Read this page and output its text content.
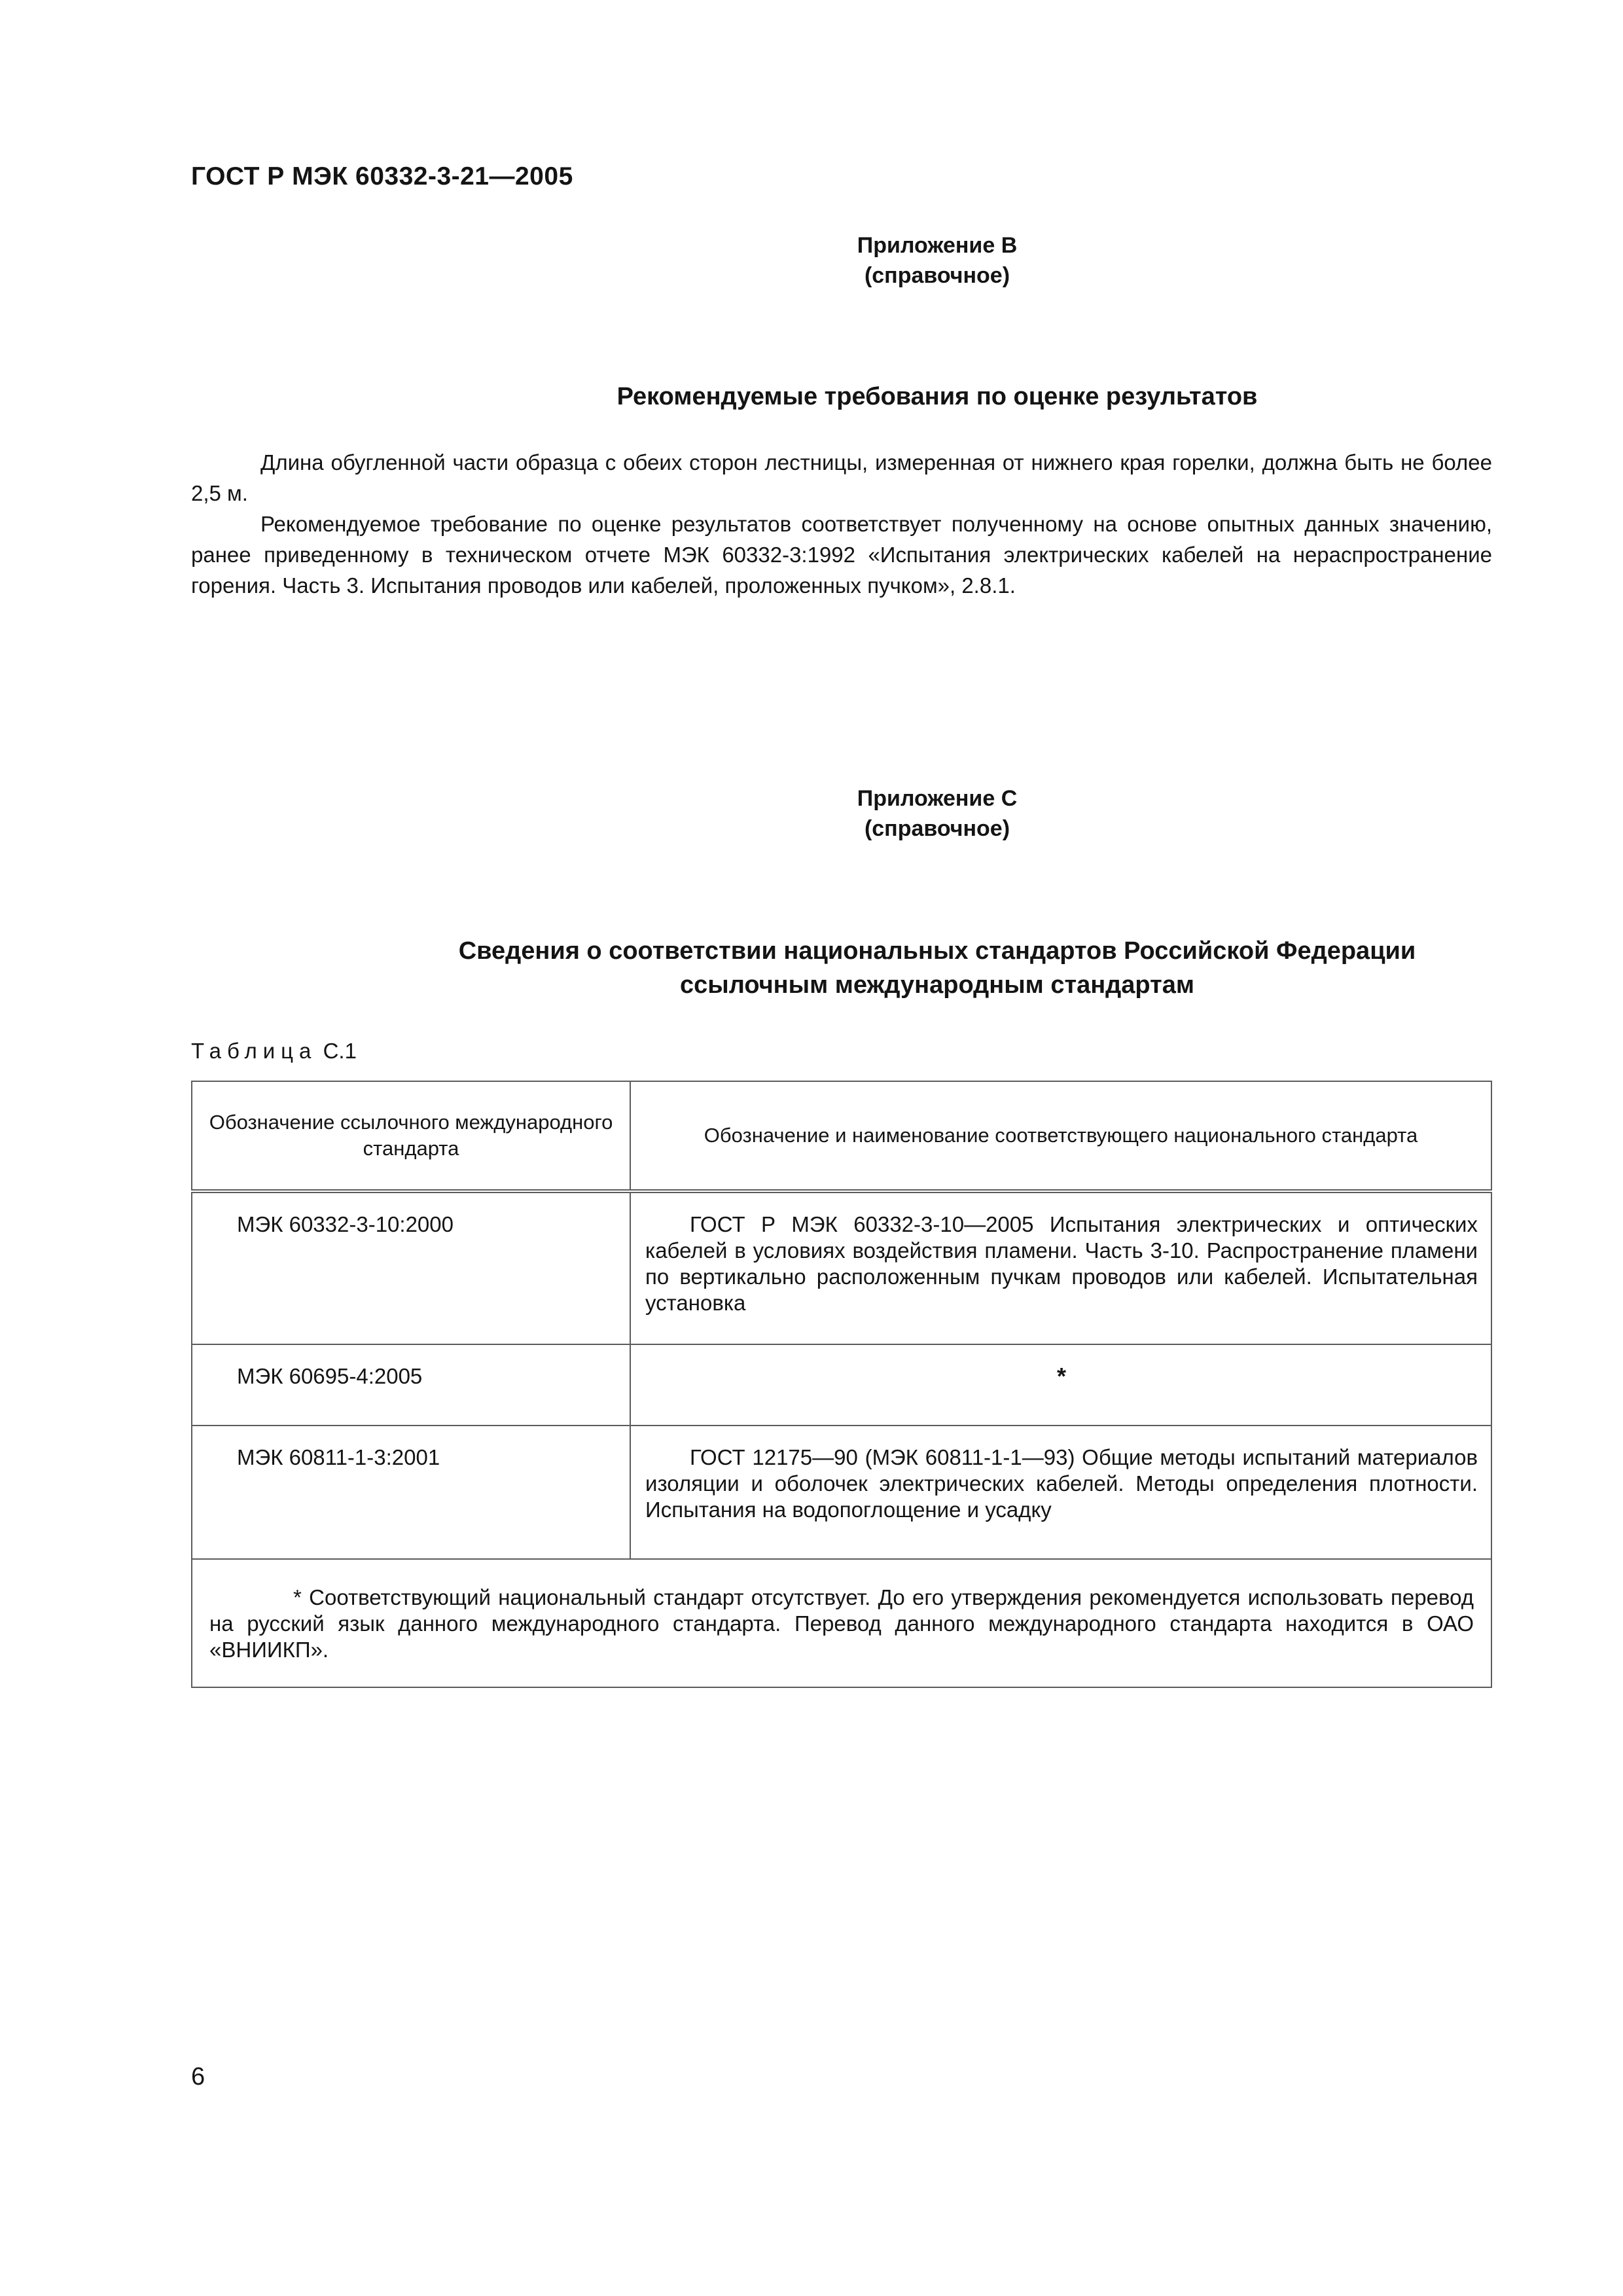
ГОСТ Р МЭК 60332-3-21—2005

Приложение В
(справочное)
Рекомендуемые требования по оценке результатов

Длина обугленной части образца с обеих сторон лестницы, измеренная от нижнего края горелки, должна быть не более 2,5 м.

Рекомендуемое требование по оценке результатов соответствует полученному на основе опытных данных значению, ранее приведенному в техническом отчете МЭК 60332-3:1992 «Испытания электрических кабелей на нераспространение горения. Часть 3. Испытания проводов или кабелей, проложенных пучком», 2.8.1.

Приложение С
(справочное)
Сведения о соответствии национальных стандартов Российской Федерации
ссылочным международным стандартам

Таблица С.1

Обозначение ссылочного международного стандарта	Обозначение и наименование соответствующего национального стандарта
МЭК 60332-3-10:2000	ГОСТ Р МЭК 60332-3-10—2005 Испытания электрических и оптических кабелей в условиях воздействия пламени. Часть 3-10. Распространение пламени по вертикально расположенным пучкам проводов или кабелей. Испытательная установка
МЭК 60695-4:2005	*
МЭК 60811-1-3:2001	ГОСТ 12175—90 (МЭК 60811-1-1—93) Общие методы испытаний материалов изоляции и оболочек электрических кабелей. Методы определения плотности. Испытания на водопоглощение и усадку
* Соответствующий национальный стандарт отсутствует. До его утверждения рекомендуется использовать перевод на русский язык данного международного стандарта. Перевод данного международного стандарта находится в ОАО «ВНИИКП».	

6
